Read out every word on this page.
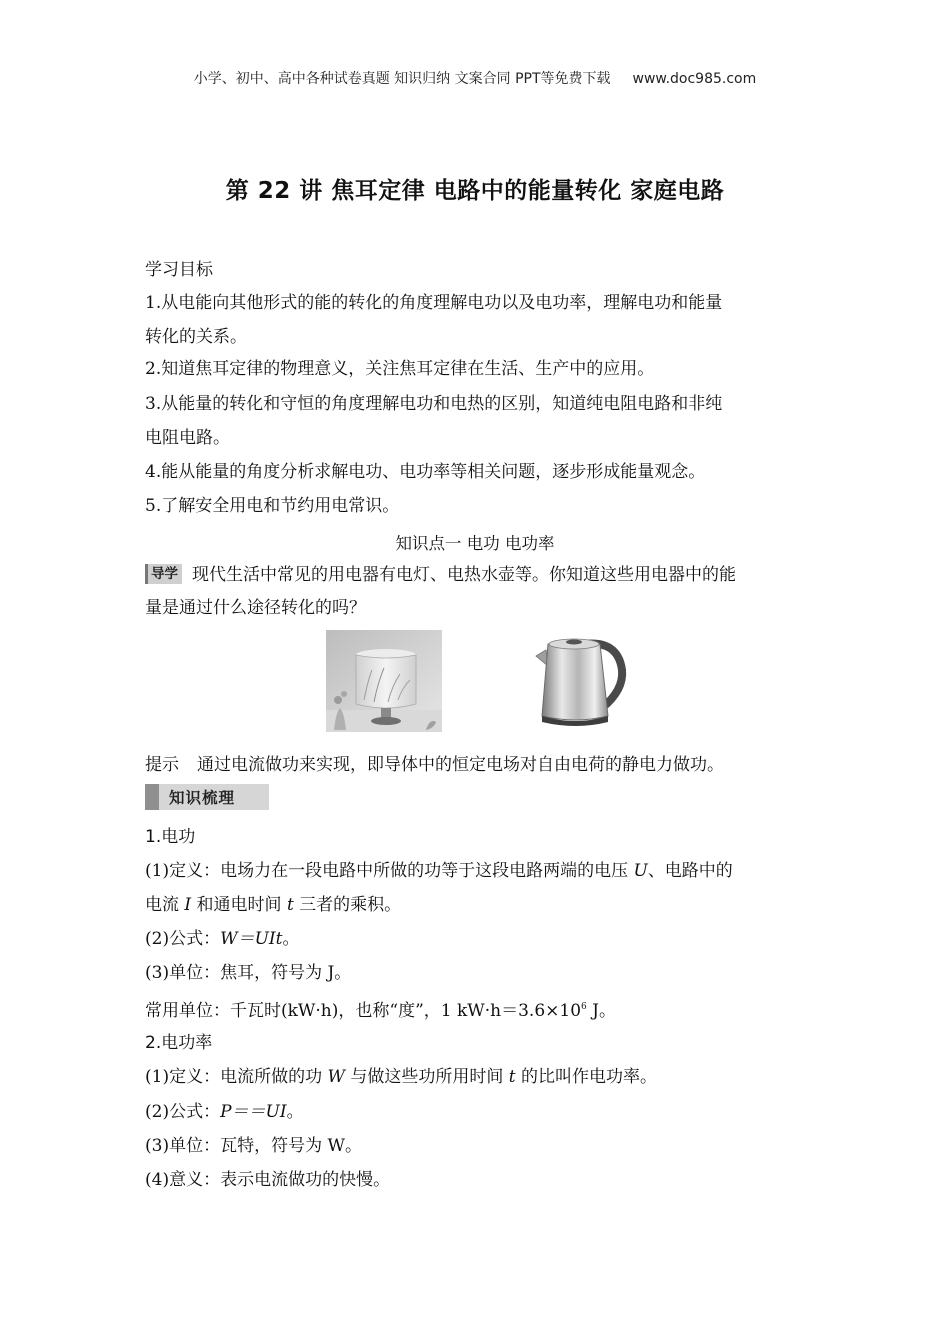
小学、初中、高中各种试卷真题 知识归纳 文案合同 PPT等免费下载 www.doc985.com
第 22 讲 焦耳定律 电路中的能量转化 家庭电路
学习目标
1.从电能向其他形式的能的转化的角度理解电功以及电功率，理解电功和能量
转化的关系。
2.知道焦耳定律的物理意义，关注焦耳定律在生活、生产中的应用。
3.从能量的转化和守恒的角度理解电功和电热的区别，知道纯电阻电路和非纯
电阻电路。
4.能从能量的角度分析求解电功、电功率等相关问题，逐步形成能量观念。
5.了解安全用电和节约用电常识。
知识点一 电功 电功率
导学 现代生活中常见的用电器有电灯、电热水壶等。你知道这些用电器中的能
量是通过什么途径转化的吗？
提示 通过电流做功来实现，即导体中的恒定电场对自由电荷的静电力做功。
知识梳理
1.电功
(1)定义：电场力在一段电路中所做的功等于这段电路两端的电压 U、电路中的
电流 I 和通电时间 t 三者的乘积。
(2)公式：W＝UIt。
(3)单位：焦耳，符号为 J。
常用单位：千瓦时(kW·h)，也称“度”，1 $kW\cdot h=3.6\times 10^6$ J。
2.电功率
(1)定义：电流所做的功 W 与做这些功所用时间 t 的比叫作电功率。
(2)公式：P＝＝UI。
(3)单位：瓦特，符号为 W。
(4)意义：表示电流做功的快慢。
